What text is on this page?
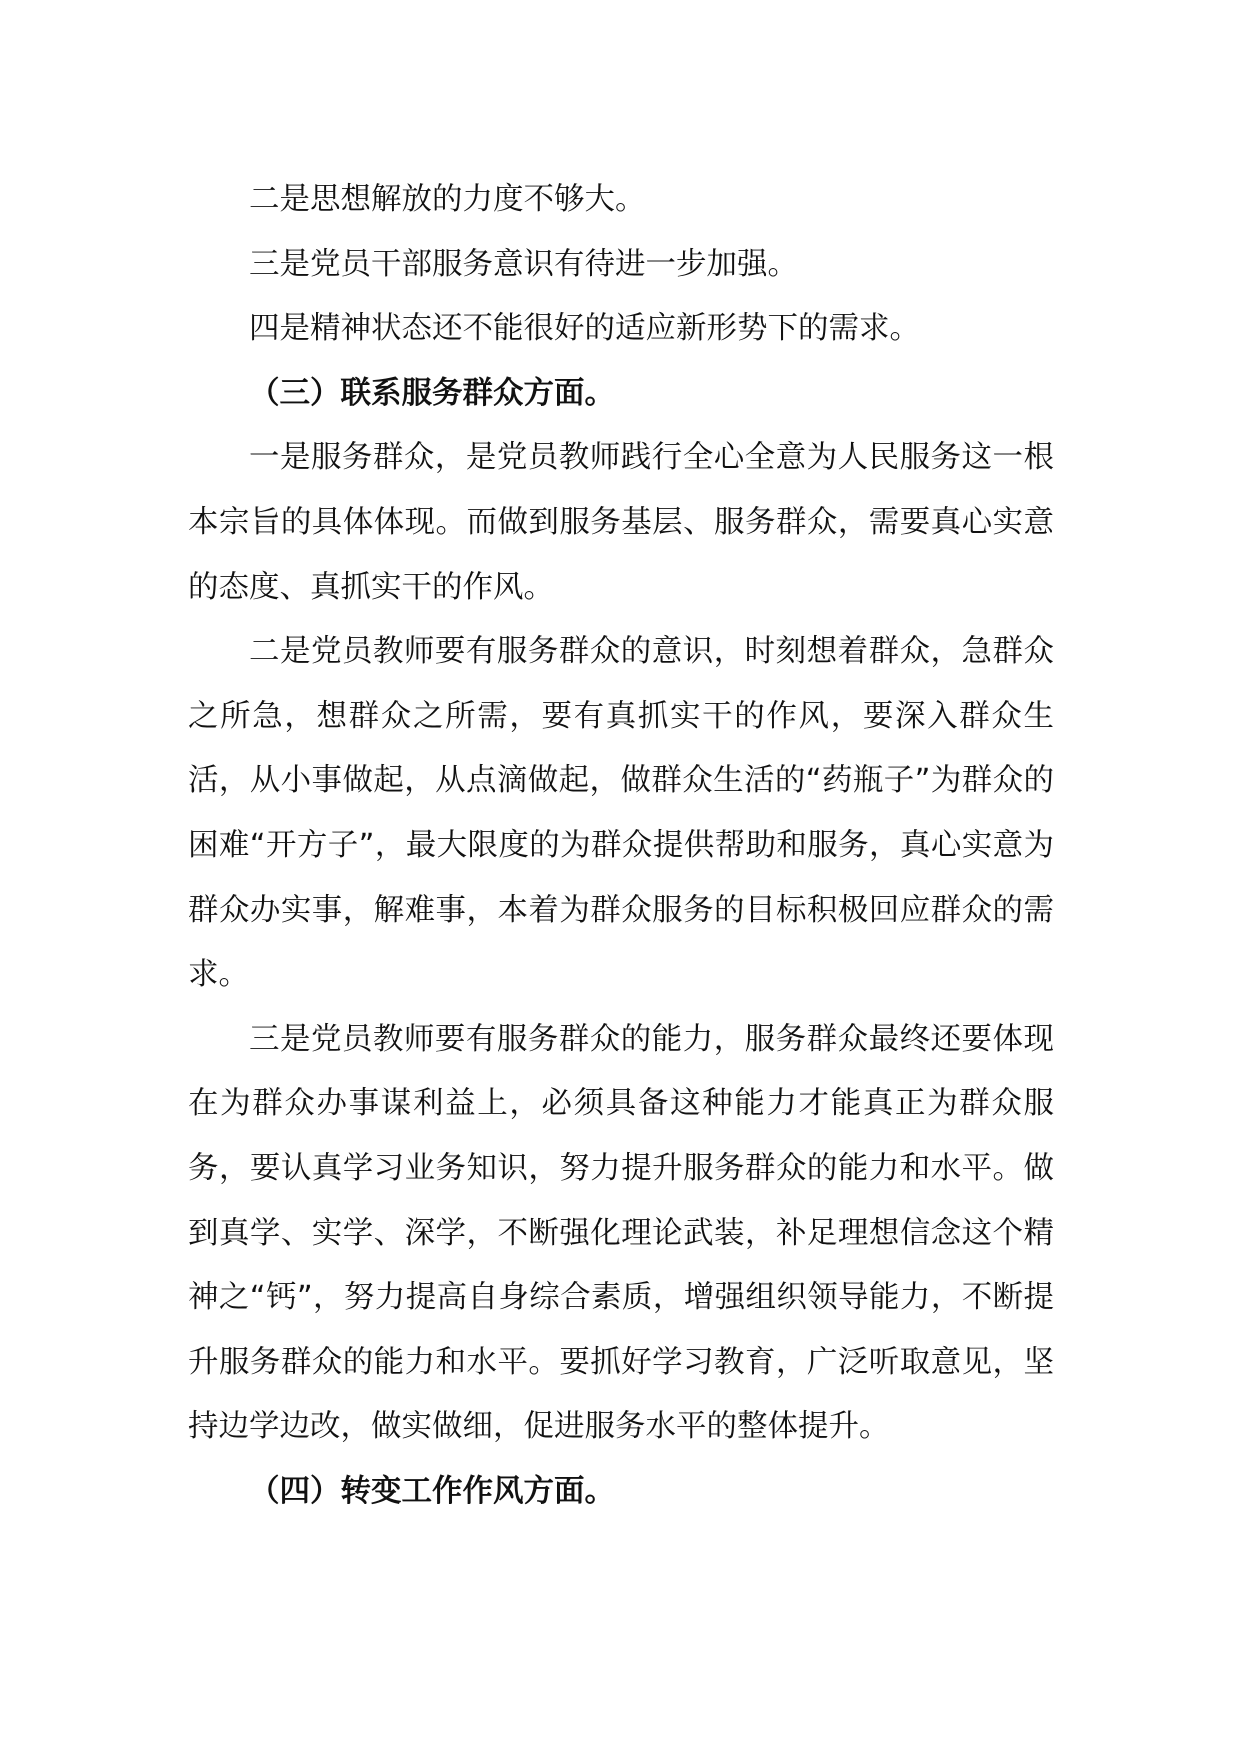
二是思想解放的力度不够大。

三是党员干部服务意识有待进一步加强。

四是精神状态还不能很好的适应新形势下的需求。

（三）联系服务群众方面。

一是服务群众，是党员教师践行全心全意为人民服务这一根本宗旨的具体体现。而做到服务基层、服务群众，需要真心实意的态度、真抓实干的作风。

二是党员教师要有服务群众的意识，时刻想着群众，急群众之所急，想群众之所需，要有真抓实干的作风，要深入群众生活，从小事做起，从点滴做起，做群众生活的“药瓶子”为群众的困难“开方子”，最大限度的为群众提供帮助和服务，真心实意为群众办实事，解难事，本着为群众服务的目标积极回应群众的需求。

三是党员教师要有服务群众的能力，服务群众最终还要体现在为群众办事谋利益上，必须具备这种能力才能真正为群众服务，要认真学习业务知识，努力提升服务群众的能力和水平。做到真学、实学、深学，不断强化理论武装，补足理想信念这个精神之“钙”，努力提高自身综合素质，增强组织领导能力，不断提升服务群众的能力和水平。要抓好学习教育，广泛听取意见，坚持边学边改，做实做细，促进服务水平的整体提升。

（四）转变工作作风方面。
